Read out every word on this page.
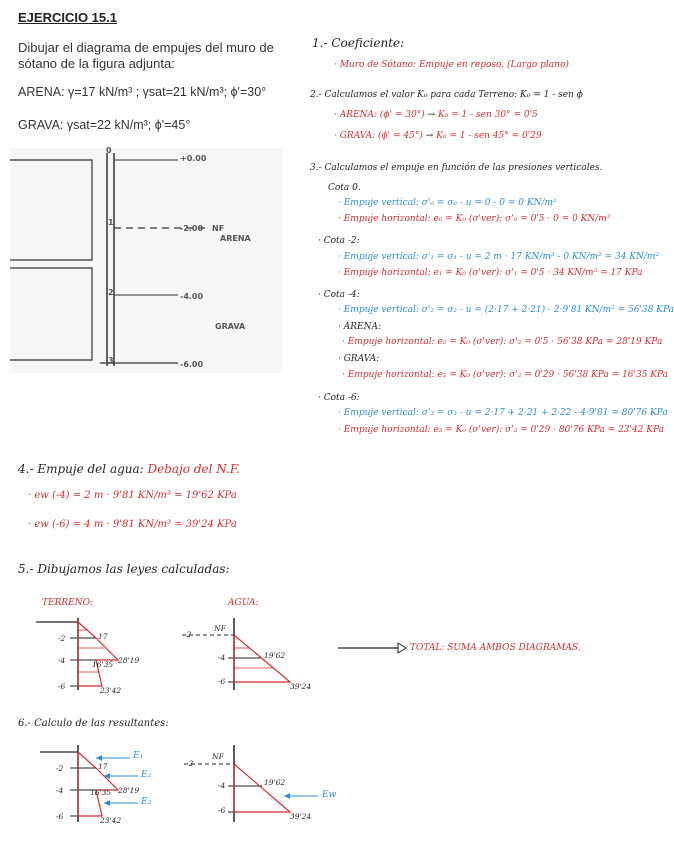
EJERCICIO 15.1
Dibujar el diagrama de empujes del muro de sótano de la figura adjunta:
ARENA: γ=17 kN/m³ ; γsat=21 kN/m³; ϕ'=30°
GRAVA: γsat=22 kN/m³; ϕ'=45°
0
1
2
3
+0.00
-2.00 NF
ARENA
-4.00
GRAVA
-6.00
1.- Coeficiente:
· Muro de Sótano: Empuje en reposo. (Largo plano)
2.- Calculamos el valor K₀ para cada Terreno: K₀ = 1 - sen ϕ
· ARENA: (ϕ' = 30°) → K₀ = 1 - sen 30° = 0'5
· GRAVA: (ϕ' = 45°) → K₀ = 1 - sen 45° = 0'29
3.- Calculamos el empuje en función de las presiones verticales.
Cota 0.
· Empuje vertical: σ'₀ = σ₀ - u = 0 - 0 = 0 KN/m²
· Empuje horizontal: e₀ = K₀ (σ'ver): σ'₀ = 0'5 · 0 = 0 KN/m²
· Cota -2:
· Empuje vertical: σ'₁ = σ₁ - u = 2 m · 17 KN/m³ - 0 KN/m² = 34 KN/m²
· Empuje horizontal: e₁ = K₀ (σ'ver): σ'₁ = 0'5 · 34 KN/m² = 17 KPa
· Cota -4:
· Empuje vertical: σ'₂ = σ₂ - u = (2·17 + 2·21) - 2·9'81 KN/m² = 56'38 KPa
· ARENA:
· Empuje horizontal: e₂ = K₀ (σ'ver): σ'₂ = 0'5 · 56'38 KPa = 28'19 KPa
· GRAVA:
· Empuje horizontal: e₂ = K₀ (σ'ver): σ'₂ = 0'29 · 56'38 KPa = 16'35 KPa
· Cota -6:
· Empuje vertical: σ'₃ = σ₃ - u = 2·17 + 2·21 + 2·22 - 4·9'81 = 80'76 KPa
· Empuje horizontal: e₃ = K₀ (σ'ver): σ'₃ = 0'29 · 80'76 KPa = 23'42 KPa
4.- Empuje del agua: Debajo del N.F.
· ew (-4) = 2 m · 9'81 KN/m³ = 19'62 KPa
· ew (-6) = 4 m · 9'81 KN/m³ = 39'24 KPa
5.- Dibujamos las leyes calculadas:
TERRENO:	AGUA:
-2
-4
-6
17
16'35 28'19
23'42
-2
NF
-4
-6
19'62
39'24
TOTAL: SUMA AMBOS DIAGRAMAS.
6.- Calculo de las resultantes:
-2
-4
-6
17
16'35 28'19
23'42
E₁
E₂
E₃
-2
NF
-4
-6
19'62
39'24
Ew
